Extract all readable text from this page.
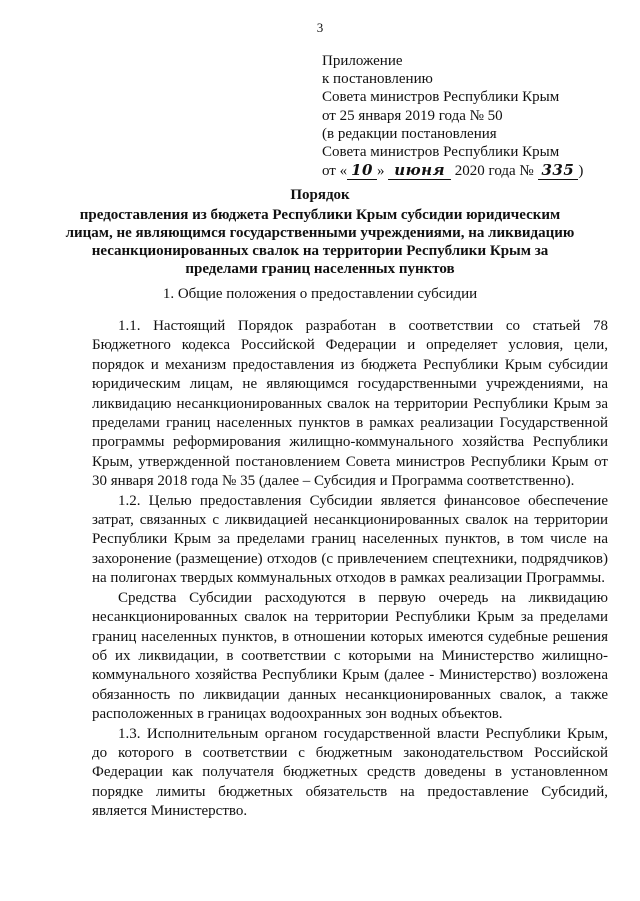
3
Приложение
к постановлению
Совета министров Республики Крым
от 25 января 2019 года № 50
(в редакции постановления
Совета министров Республики Крым
от « 10 » июня 2020 года № 335 )
Порядок
предоставления из бюджета Республики Крым субсидии юридическим лицам, не являющимся государственными учреждениями, на ликвидацию несанкционированных свалок на территории Республики Крым за пределами границ населенных пунктов
1. Общие положения о предоставлении субсидии

1.1. Настоящий Порядок разработан в соответствии со статьей 78 Бюджетного кодекса Российской Федерации и определяет условия, цели, порядок и механизм предоставления из бюджета Республики Крым субсидии юридическим лицам, не являющимся государственными учреждениями, на ликвидацию несанкционированных свалок на территории Республики Крым за пределами границ населенных пунктов в рамках реализации Государственной программы реформирования жилищно-коммунального хозяйства Республики Крым, утвержденной постановлением Совета министров Республики Крым от 30 января 2018 года № 35 (далее – Субсидия и Программа соответственно).

1.2. Целью предоставления Субсидии является финансовое обеспечение затрат, связанных с ликвидацией несанкционированных свалок на территории Республики Крым за пределами границ населенных пунктов, в том числе на захоронение (размещение) отходов (с привлечением спецтехники, подрядчиков) на полигонах твердых коммунальных отходов в рамках реализации Программы.

Средства Субсидии расходуются в первую очередь на ликвидацию несанкционированных свалок на территории Республики Крым за пределами границ населенных пунктов, в отношении которых имеются судебные решения об их ликвидации, в соответствии с которыми на Министерство жилищно-коммунального хозяйства Республики Крым (далее - Министерство) возложена обязанность по ликвидации данных несанкционированных свалок, а также расположенных в границах водоохранных зон водных объектов.

1.3. Исполнительным органом государственной власти Республики Крым, до которого в соответствии с бюджетным законодательством Российской Федерации как получателя бюджетных средств доведены в установленном порядке лимиты бюджетных обязательств на предоставление Субсидий, является Министерство.
